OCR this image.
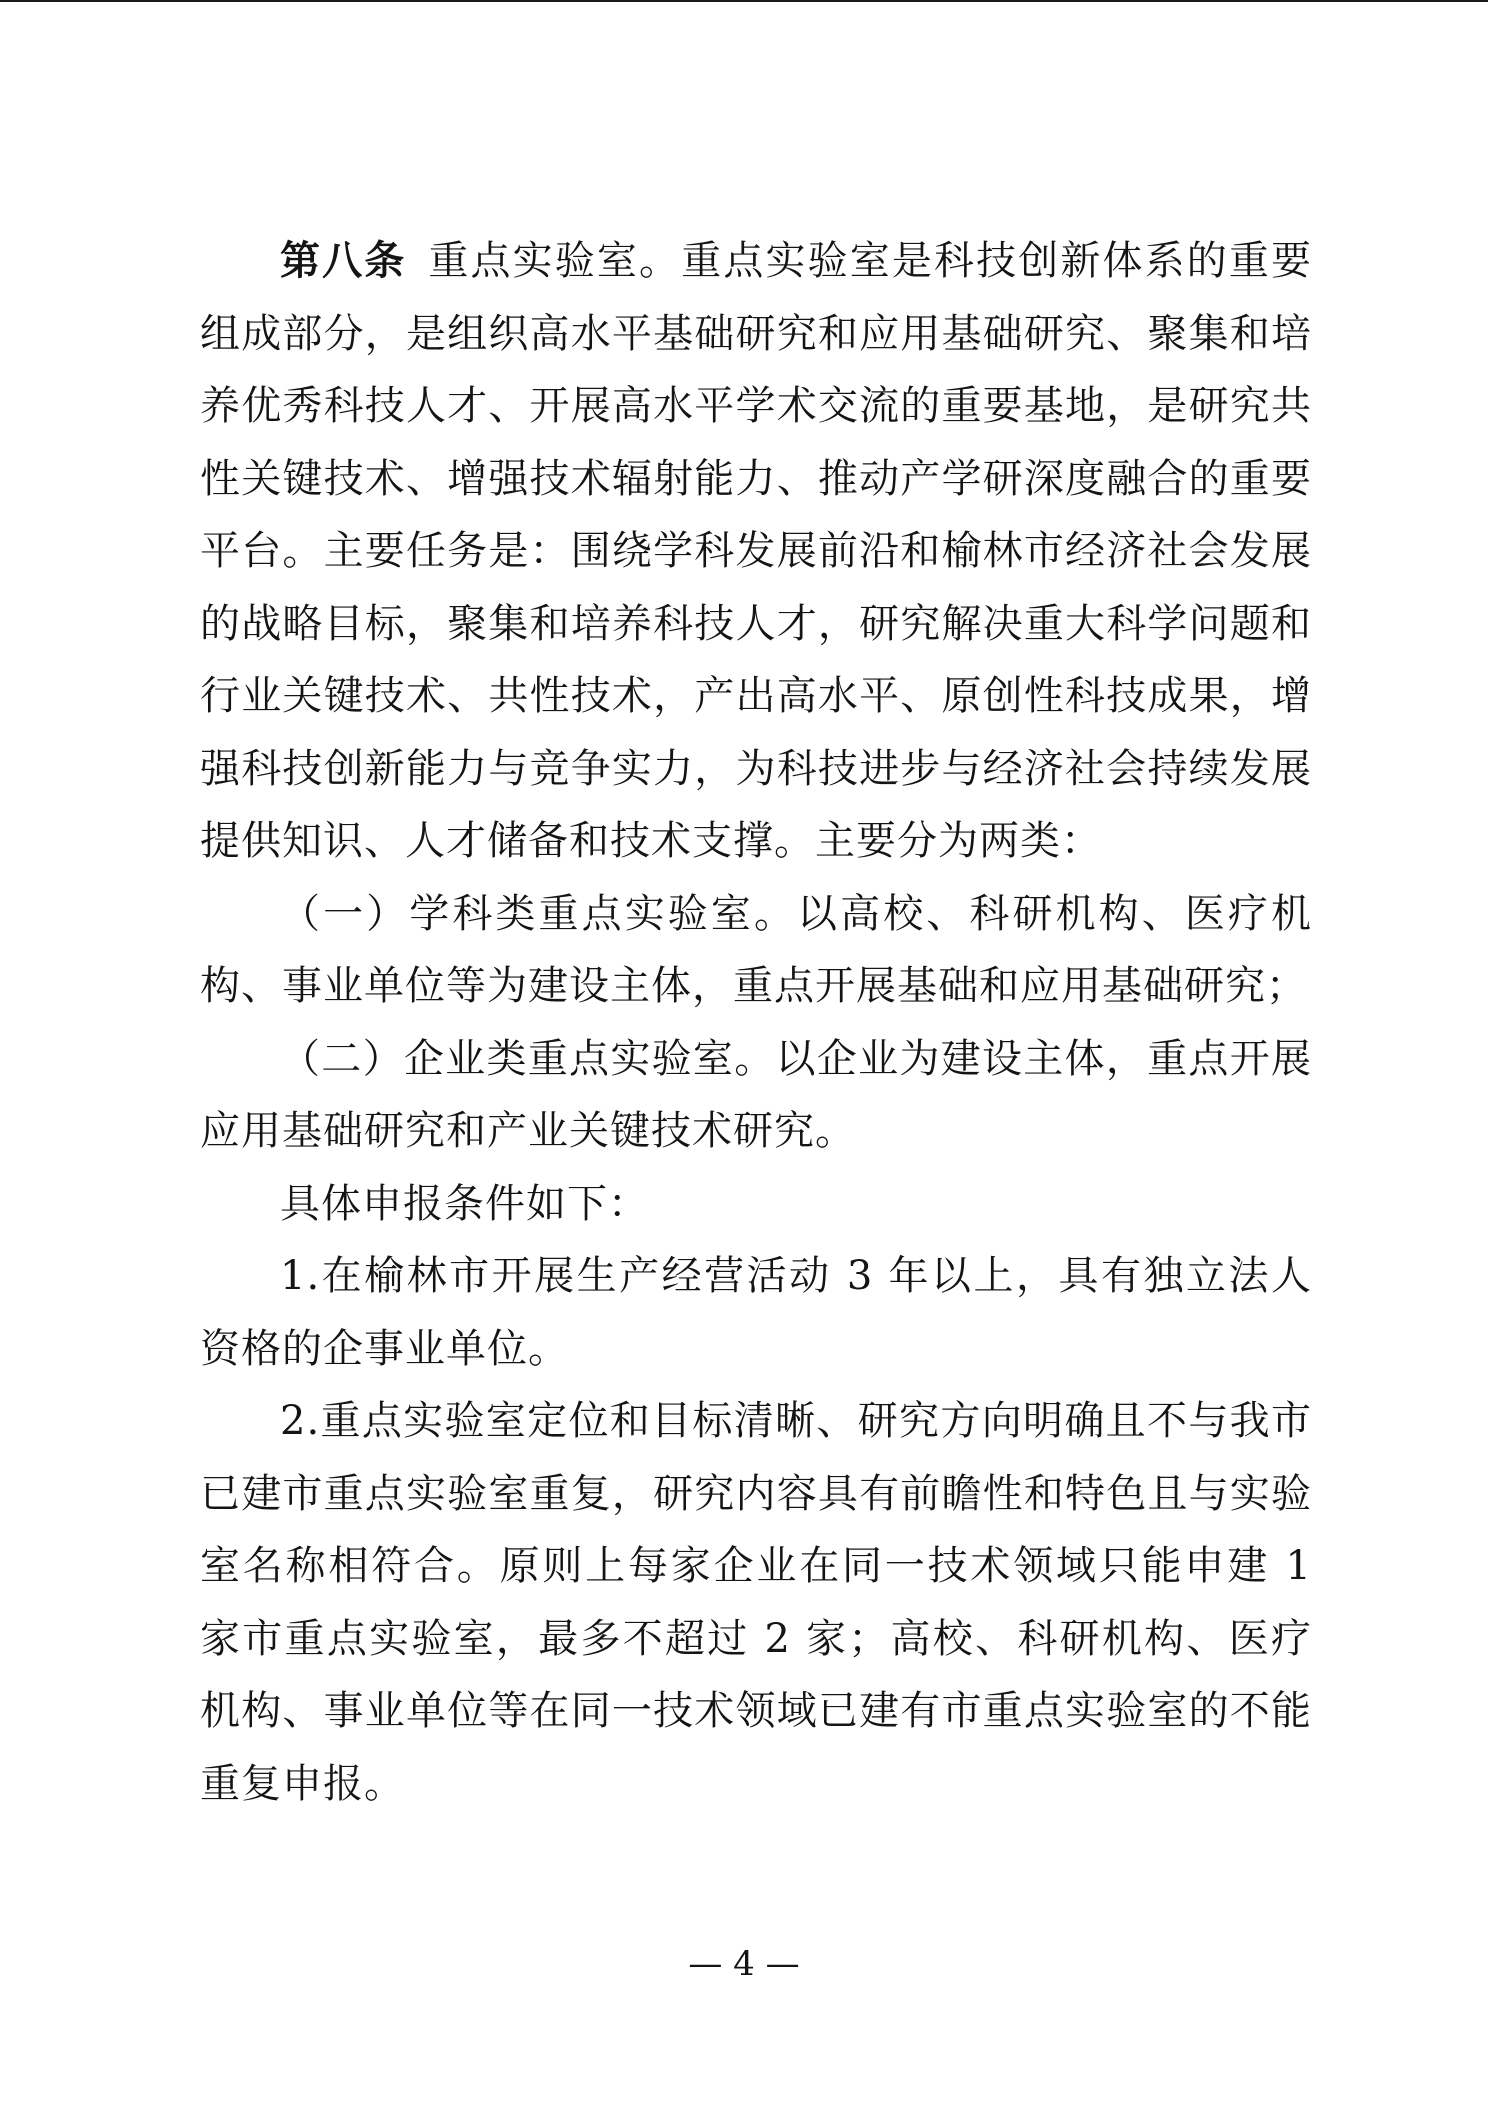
第八条 重点实验室。重点实验室是科技创新体系的重要组成部分，是组织高水平基础研究和应用基础研究、聚集和培养优秀科技人才、开展高水平学术交流的重要基地，是研究共性关键技术、增强技术辐射能力、推动产学研深度融合的重要平台。主要任务是：围绕学科发展前沿和榆林市经济社会发展的战略目标，聚集和培养科技人才，研究解决重大科学问题和行业关键技术、共性技术，产出高水平、原创性科技成果，增强科技创新能力与竞争实力，为科技进步与经济社会持续发展提供知识、人才储备和技术支撑。主要分为两类：

（一）学科类重点实验室。以高校、科研机构、医疗机构、事业单位等为建设主体，重点开展基础和应用基础研究；

（二）企业类重点实验室。以企业为建设主体，重点开展应用基础研究和产业关键技术研究。

具体申报条件如下：

1.在榆林市开展生产经营活动 3 年以上，具有独立法人资格的企事业单位。

2.重点实验室定位和目标清晰、研究方向明确且不与我市已建市重点实验室重复，研究内容具有前瞻性和特色且与实验室名称相符合。原则上每家企业在同一技术领域只能申建 1 家市重点实验室，最多不超过 2 家；高校、科研机构、医疗机构、事业单位等在同一技术领域已建有市重点实验室的不能重复申报。

— 4 —
